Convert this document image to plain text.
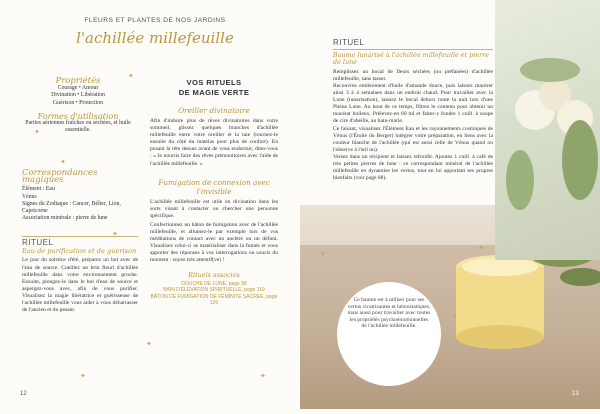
FLEURS ET PLANTES DE NOS JARDINS
l'achillée millefeuille
Propriétés
Courage • Amour
Divination • Libération
Guérison • Protection
Formes d'utilisation
Parties aériennes fraîches ou séchées, et huile essentielle.
Correspondances magiques
Élément : Eau
Vénus
Signes du Zodiaque : Cancer, Bélier, Lion, Capricorne
Association minérale : pierre de lune
RITUEL
Eau de purification et de guérison

Le jour du solstice d'été, préparez un bol avec de l'eau de source. Cueillez un brin fleuri d'achillée millefeuille dans votre environnement proche. Ensuite, plongez-le dans le bol d'eau de source et aspergez-vous avec, afin de vous purifier. Visualisez la magie libératrice et guérisseuse de l'achillée millefeuille vous aider à vous débarrasser de l'ancien et du pesant.

VOS RITUELS
DE MAGIE VERTE
Oreiller divinatoire

Afin d'induire plus de rêves divinatoires dans votre sommeil, glissez quelques branches d'achillée millefeuille entre votre oreiller et la taie (tournez-le ensuite du côté du matelas pour plus de confort). En posant la tête dessus avant de vous endormir, dites-vous : « Je nourris faire des rêves prémonitoires avec l'aide de l'achillée millefeuille. »

Fumigation de connexion avec l'invisible

L'achillée millefeuille est utile en divination dans les sorts visant à contacter ou chercher une personne spécifique.

Confectionnez un bâton de fumigation avec de l'achillée millefeuille, et allumez-le par exemple lors de vos méditations de contact avec un ancêtre ou un défunt. Visualisez celui-ci se matérialiser dans la fumée et vous apporter des réponses à vos interrogations ou soucis du moment : soyez très attentif(ve) !

Rituels associés
DOUCHE DE LUNE, page 88
BAIN D'ÉLÉVATION SPIRITUELLE, page 119
BÂTON DE FUMIGATION DE FÉMINITÉ SACRÉE, page 126
✦
✦
✦
✦
✦
✦
✦
12
RITUEL
Baume lunarisé à l'achillée millefeuille et pierre de lune

Remplissez un bocal de fleurs séchées (ou préfanées) d'achillée millefeuille, sans tasser.

Recouvrez entièrement d'huile d'amande douce, puis laissez macérer ainsi 3 à 4 semaines dans un endroit chaud. Pour travailler avec la Lune (lunarisation), laissez le bocal dehors toute la nuit lors d'une Pleine Lune. Au bout de ce temps, filtrez le contenu pour obtenir un macérat huileux. Prélevez-en 60 ml et faites-y fondre 1 cuill. à soupe de cire d'abeille, au bain-marie.

Ce faisant, visualisez l'Élément Eau et les rayonnements cosmiques de Vénus (l'Étoile du Berger) intégrer votre préparation, en liens avec la couleur blanche de l'achillée (qui est aussi celle de Vénus quand on l'observe à l'œil nu).

Versez dans un récipient et laissez refroidir. Ajoutez 1 cuill. à café de très petites pierres de lune : ce correspondant minéral de l'achillée millefeuille en dynamise les vertus, tout en lui apportant ses propres bienfaits (voir page 88).

Ce baume est à utiliser pour ses vertus cicatrisantes et hémostatiques, mais aussi pour travailler avec toutes les propriétés psychoémotionnelles de l'achillée millefeuille.
✦
✦
✦
13
